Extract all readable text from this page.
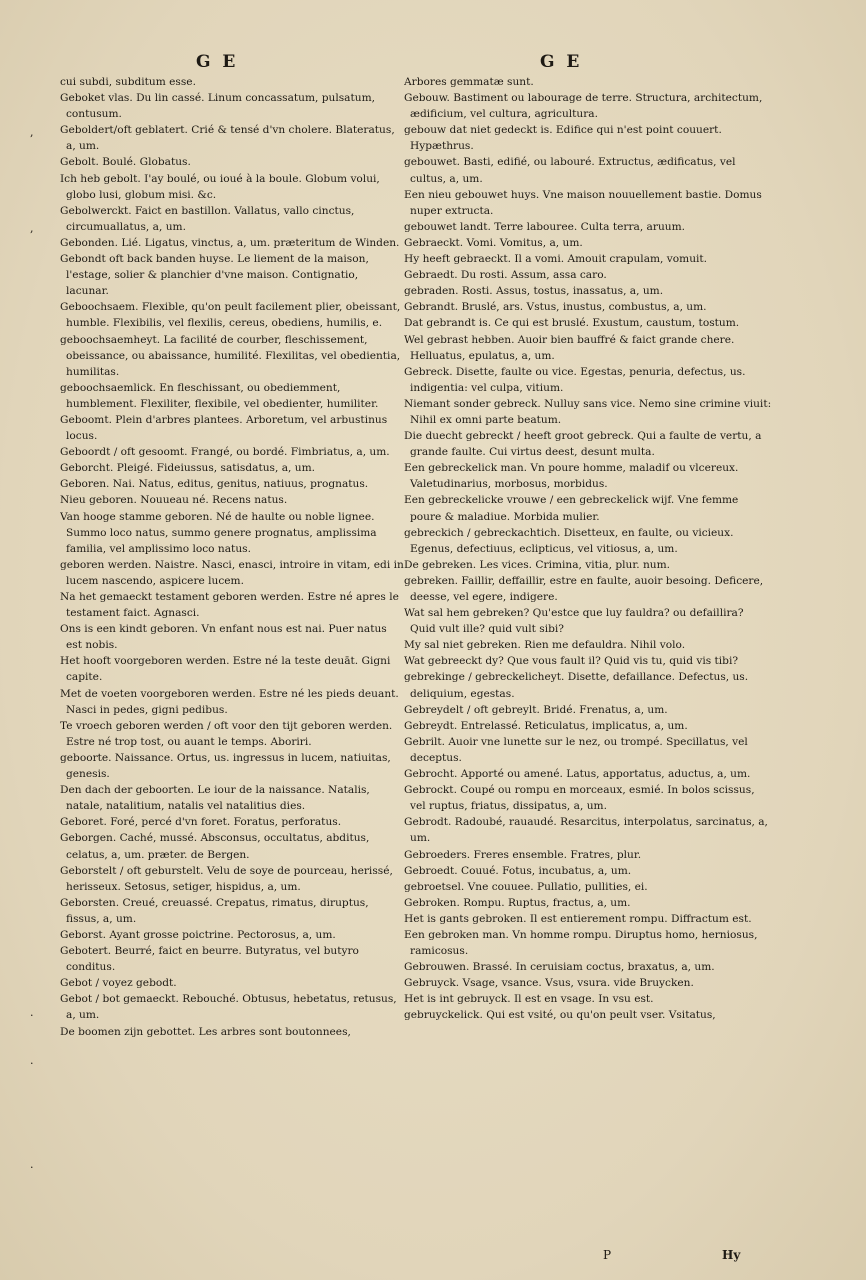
G E	G E
cui subdi, subditum esse.
Geboket vlas. Du lin cassé. Linum concassatum, pulsatum, contusum.
Geboldert/oft geblatert. Crié & tensé d'vn cholere. Blateratus, a, um.
Gebolt. Boulé. Globatus.
Ich heb gebolt. I'ay boulé, ou ioué à la boule. Globum volui, globo lusi, globum misi. &c.
Gebolwerckt. Faict en bastillon. Vallatus, vallo cinctus, circumuallatus, a, um.
Gebonden. Lié. Ligatus, vinctus, a, um. præteritum de Winden.
Gebondt oft back banden huyse. Le liement de la maison, l'estage, solier & planchier d'vne maison. Contignatio, lacunar.
Geboochsaem. Flexible, qu'on peult facilement plier, obeissant, humble. Flexibilis, vel flexilis, cereus, obediens, humilis, e.
geboochsaemheyt. La facilité de courber, fleschissement, obeissance, ou abaissance, humilité. Flexilitas, vel obedientia, humilitas.
geboochsaemlick. En fleschissant, ou obediemment, humblement. Flexiliter, flexibile, vel obedienter, humiliter.
Geboomt. Plein d'arbres plantees. Arboretum, vel arbustinus locus.
Geboordt / oft gesoomt. Frangé, ou bordé. Fimbriatus, a, um.
Geborcht. Pleigé. Fideiussus, satisdatus, a, um.
Geboren. Nai. Natus, editus, genitus, natiuus, prognatus.
Nieu geboren. Nouueau né. Recens natus.
Van hooge stamme geboren. Né de haulte ou noble lignee. Summo loco natus, summo genere prognatus, amplissima familia, vel amplissimo loco natus.
geboren werden. Naistre. Nasci, enasci, introire in vitam, edi in lucem nascendo, aspicere lucem.
Na het gemaeckt testament geboren werden. Estre né apres le testament faict. Agnasci.
Ons is een kindt geboren. Vn enfant nous est nai. Puer natus est nobis.
Het hooft voorgeboren werden. Estre né la teste deuāt. Gigni capite.
Met de voeten voorgeboren werden. Estre né les pieds deuant. Nasci in pedes, gigni pedibus.
Te vroech geboren werden / oft voor den tijt geboren werden. Estre né trop tost, ou auant le temps. Aboriri.
geboorte. Naissance. Ortus, us. ingressus in lucem, natiuitas, genesis.
Den dach der geboorten. Le iour de la naissance. Natalis, natale, natalitium, natalis vel natalitius dies.
Geboret. Foré, percé d'vn foret. Foratus, perforatus.
Geborgen. Caché, mussé. Absconsus, occultatus, abditus, celatus, a, um. præter. de Bergen.
Geborstelt / oft geburstelt. Velu de soye de pourceau, herissé, herisseux. Setosus, setiger, hispidus, a, um.
Geborsten. Creué, creuassé. Crepatus, rimatus, diruptus, fissus, a, um.
Geborst. Ayant grosse poictrine. Pectorosus, a, um.
Gebotert. Beurré, faict en beurre. Butyratus, vel butyro conditus.
Gebot / voyez gebodt.
Gebot / bot gemaeckt. Rebouché. Obtusus, hebetatus, retusus, a, um.
De boomen zijn gebottet. Les arbres sont boutonnees,
Arbores gemmatæ sunt.
Gebouw. Bastiment ou labourage de terre. Structura, architectum, ædificium, vel cultura, agricultura.
gebouw dat niet gedeckt is. Edifice qui n'est point couuert. Hypæthrus.
gebouwet. Basti, edifié, ou labouré. Extructus, ædificatus, vel cultus, a, um.
Een nieu gebouwet huys. Vne maison nouuellement bastie. Domus nuper extructa.
gebouwet landt. Terre labouree. Culta terra, aruum.
Gebraeckt. Vomi. Vomitus, a, um.
Hy heeft gebraeckt. Il a vomi. Amouit crapulam, vomuit.
Gebraedt. Du rosti. Assum, assa caro.
gebraden. Rosti. Assus, tostus, inassatus, a, um.
Gebrandt. Bruslé, ars. Vstus, inustus, combustus, a, um.
Dat gebrandt is. Ce qui est bruslé. Exustum, caustum, tostum.
Wel gebrast hebben. Auoir bien bauffré & faict grande chere. Helluatus, epulatus, a, um.
Gebreck. Disette, faulte ou vice. Egestas, penuria, defectus, us. indigentia: vel culpa, vitium.
Niemant sonder gebreck. Nulluy sans vice. Nemo sine crimine viuit: Nihil ex omni parte beatum.
Die duecht gebreckt / heeft groot gebreck. Qui a faulte de vertu, a grande faulte. Cui virtus deest, desunt multa.
Een gebreckelick man. Vn poure homme, maladif ou vlcereux. Valetudinarius, morbosus, morbidus.
Een gebreckelicke vrouwe / een gebreckelick wijf. Vne femme poure & maladiue. Morbida mulier.
gebreckich / gebreckachtich. Disetteux, en faulte, ou vicieux. Egenus, defectiuus, eclipticus, vel vitiosus, a, um.
De gebreken. Les vices. Crimina, vitia, plur. num.
gebreken. Faillir, deffaillir, estre en faulte, auoir besoing. Deficere, deesse, vel egere, indigere.
Wat sal hem gebreken? Qu'estce que luy fauldra? ou defaillira? Quid vult ille? quid vult sibi?
My sal niet gebreken. Rien me defauldra. Nihil volo.
Wat gebreeckt dy? Que vous fault il? Quid vis tu, quid vis tibi?
gebrekinge / gebreckelicheyt. Disette, defaillance. Defectus, us. deliquium, egestas.
Gebreydelt / oft gebreylt. Bridé. Frenatus, a, um.
Gebreydt. Entrelassé. Reticulatus, implicatus, a, um.
Gebrilt. Auoir vne lunette sur le nez, ou trompé. Specillatus, vel deceptus.
Gebrocht. Apporté ou amené. Latus, apportatus, aductus, a, um.
Gebrockt. Coupé ou rompu en morceaux, esmié. In bolos scissus, vel ruptus, friatus, dissipatus, a, um.
Gebrodt. Radoubé, rauaudé. Resarcitus, interpolatus, sarcinatus, a, um.
Gebroeders. Freres ensemble. Fratres, plur.
Gebroedt. Couué. Fotus, incubatus, a, um.
gebroetsel. Vne couuee. Pullatio, pullities, ei.
Gebroken. Rompu. Ruptus, fractus, a, um.
Het is gants gebroken. Il est entierement rompu. Diffractum est.
Een gebroken man. Vn homme rompu. Diruptus homo, herniosus, ramicosus.
Gebrouwen. Brassé. In ceruisiam coctus, braxatus, a, um.
Gebruyck. Vsage, vsance. Vsus, vsura. vide Bruycken.
Het is int gebruyck. Il est en vsage. In vsu est.
gebruyckelick. Qui est vsité, ou qu'on peult vser. Vsitatus,
,
,
.
.
.
P	Hy
